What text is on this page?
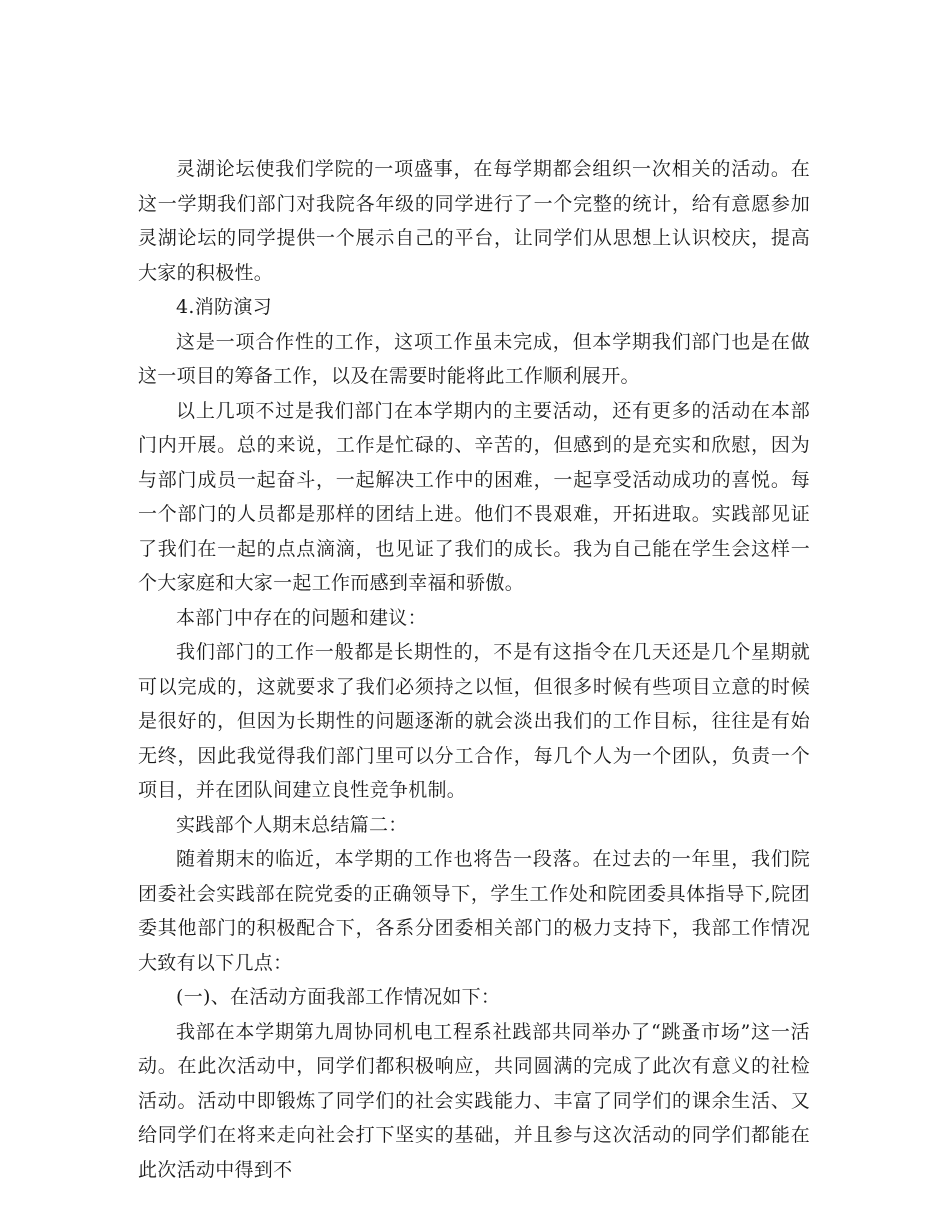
灵湖论坛使我们学院的一项盛事，在每学期都会组织一次相关的活动。在这一学期我们部门对我院各年级的同学进行了一个完整的统计，给有意愿参加灵湖论坛的同学提供一个展示自己的平台，让同学们从思想上认识校庆，提高大家的积极性。

4.消防演习

这是一项合作性的工作，这项工作虽未完成，但本学期我们部门也是在做这一项目的筹备工作，以及在需要时能将此工作顺利展开。

以上几项不过是我们部门在本学期内的主要活动，还有更多的活动在本部门内开展。总的来说，工作是忙碌的、辛苦的，但感到的是充实和欣慰，因为与部门成员一起奋斗，一起解决工作中的困难，一起享受活动成功的喜悦。每一个部门的人员都是那样的团结上进。他们不畏艰难，开拓进取。实践部见证了我们在一起的点点滴滴，也见证了我们的成长。我为自己能在学生会这样一个大家庭和大家一起工作而感到幸福和骄傲。

本部门中存在的问题和建议：

我们部门的工作一般都是长期性的，不是有这指令在几天还是几个星期就可以完成的，这就要求了我们必须持之以恒，但很多时候有些项目立意的时候是很好的，但因为长期性的问题逐渐的就会淡出我们的工作目标，往往是有始无终，因此我觉得我们部门里可以分工合作，每几个人为一个团队，负责一个项目，并在团队间建立良性竞争机制。

实践部个人期末总结篇二：

随着期末的临近，本学期的工作也将告一段落。在过去的一年里，我们院团委社会实践部在院党委的正确领导下，学生工作处和院团委具体指导下,院团委其他部门的积极配合下，各系分团委相关部门的极力支持下，我部工作情况大致有以下几点：

(一)、在活动方面我部工作情况如下：

我部在本学期第九周协同机电工程系社践部共同举办了“跳蚤市场”这一活动。在此次活动中，同学们都积极响应，共同圆满的完成了此次有意义的社检活动。活动中即锻炼了同学们的社会实践能力、丰富了同学们的课余生活、又给同学们在将来走向社会打下坚实的基础，并且参与这次活动的同学们都能在此次活动中得到不
